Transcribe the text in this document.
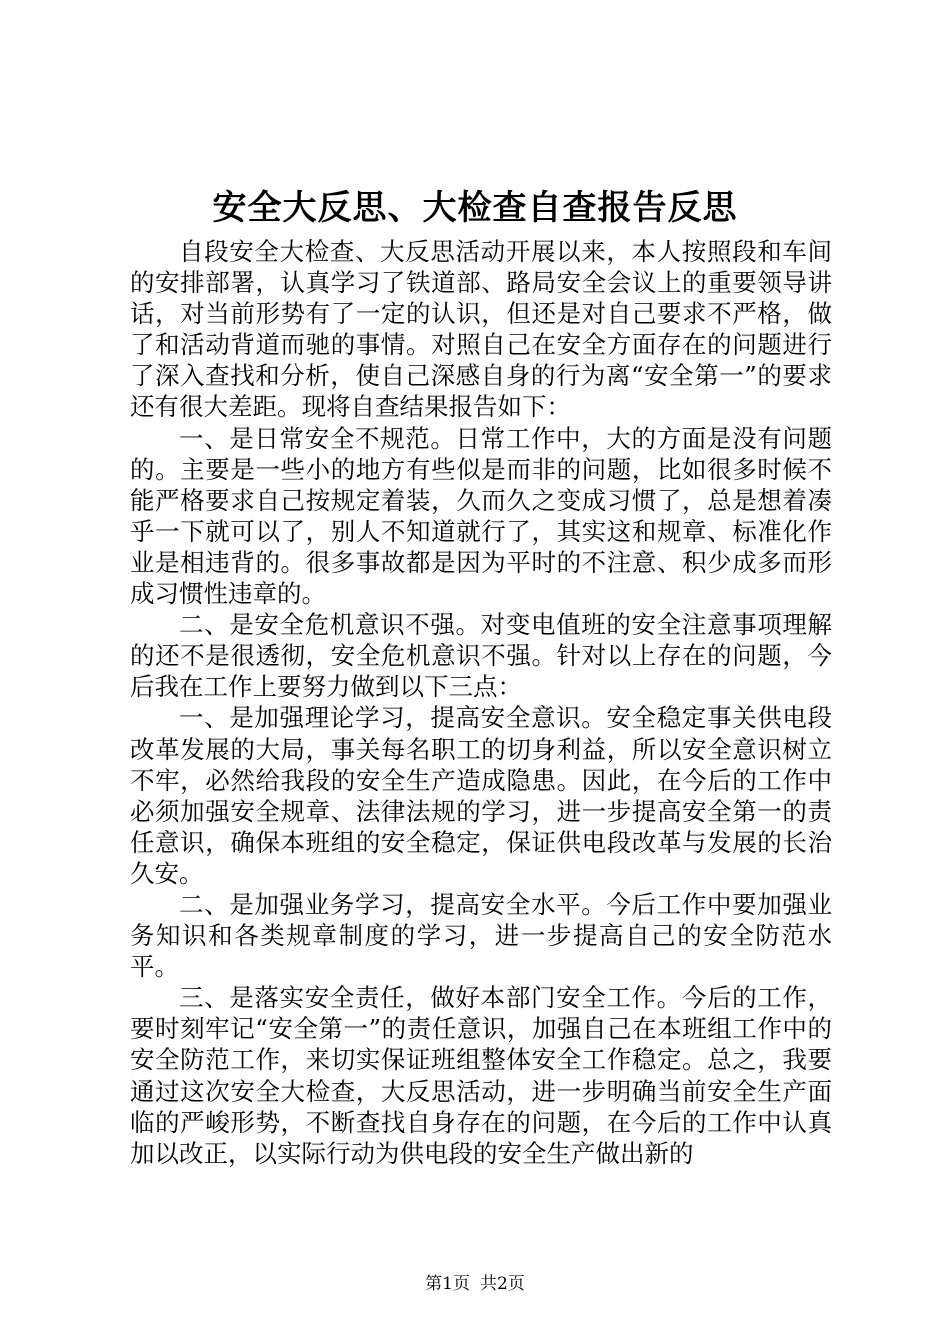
安全大反思、大检查自查报告反思

自段安全大检查、大反思活动开展以来，本人按照段和车间的安排部署，认真学习了铁道部、路局安全会议上的重要领导讲话，对当前形势有了一定的认识，但还是对自己要求不严格，做了和活动背道而驰的事情。对照自己在安全方面存在的问题进行了深入查找和分析，使自己深感自身的行为离“安全第一”的要求还有很大差距。现将自查结果报告如下：

一、是日常安全不规范。日常工作中，大的方面是没有问题的。主要是一些小的地方有些似是而非的问题，比如很多时候不能严格要求自己按规定着装，久而久之变成习惯了，总是想着凑乎一下就可以了，别人不知道就行了，其实这和规章、标准化作业是相违背的。很多事故都是因为平时的不注意、积少成多而形成习惯性违章的。

二、是安全危机意识不强。对变电值班的安全注意事项理解的还不是很透彻，安全危机意识不强。针对以上存在的问题，今后我在工作上要努力做到以下三点：

一、是加强理论学习，提高安全意识。安全稳定事关供电段改革发展的大局，事关每名职工的切身利益，所以安全意识树立不牢，必然给我段的安全生产造成隐患。因此，在今后的工作中必须加强安全规章、法律法规的学习，进一步提高安全第一的责任意识，确保本班组的安全稳定，保证供电段改革与发展的长治久安。

二、是加强业务学习，提高安全水平。今后工作中要加强业务知识和各类规章制度的学习，进一步提高自己的安全防范水平。

三、是落实安全责任，做好本部门安全工作。今后的工作，要时刻牢记“安全第一”的责任意识，加强自己在本班组工作中的安全防范工作，来切实保证班组整体安全工作稳定。总之，我要通过这次安全大检查，大反思活动，进一步明确当前安全生产面临的严峻形势，不断查找自身存在的问题，在今后的工作中认真加以改正，以实际行动为供电段的安全生产做出新的

第1页 共2页
